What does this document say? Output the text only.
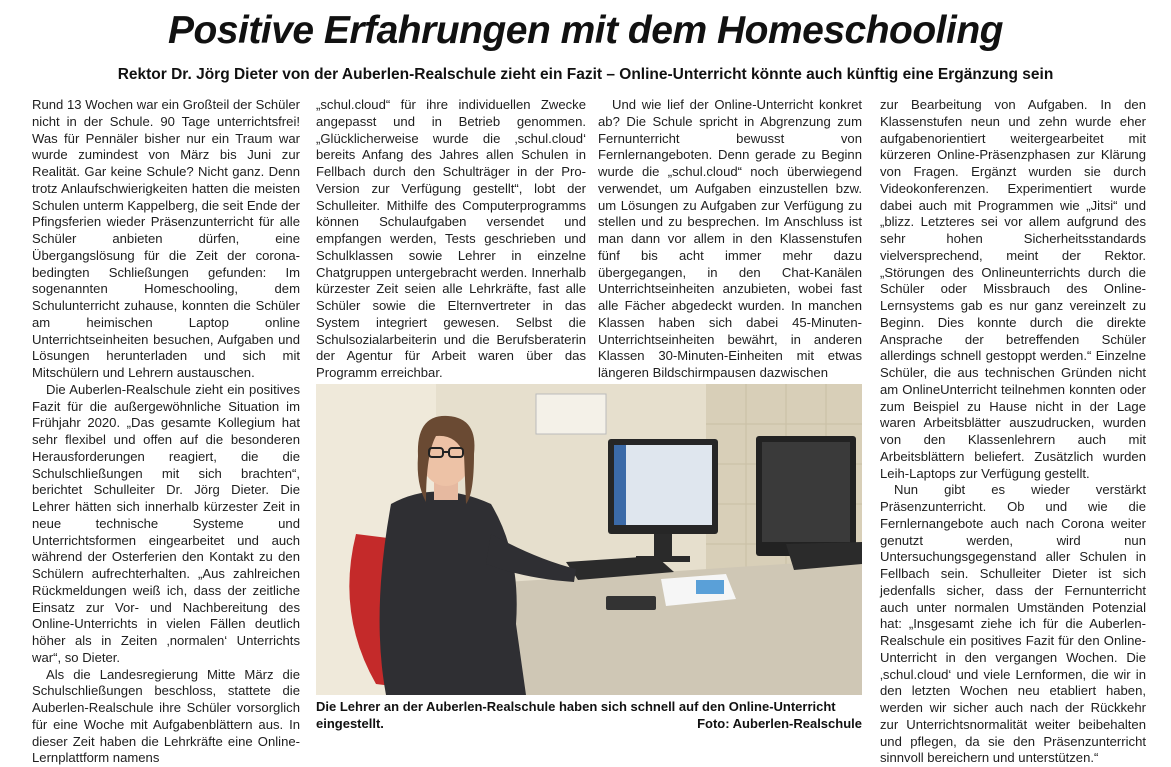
Positive Erfahrungen mit dem Homeschooling
Rektor Dr. Jörg Dieter von der Auberlen-Realschule zieht ein Fazit – Online-Unterricht könnte auch künftig eine Ergänzung sein

Rund 13 Wochen war ein Großteil der Schüler nicht in der Schule. 90 Tage unterrichtsfrei! Was für Pennäler bisher nur ein Traum war wurde zumindest von März bis Juni zur Realität. Gar keine Schule? Nicht ganz. Denn trotz Anlaufschwierigkeiten hatten die meisten Schulen unterm Kappelberg, die seit Ende der Pfingsferien wieder Präsenzunterricht für alle Schüler anbieten dürfen, eine Übergangslösung für die Zeit der corona-bedingten Schließungen gefunden: Im sogenannten Homeschooling, dem Schulunterricht zuhause, konnten die Schüler am heimischen Laptop online Unterrichtseinheiten besuchen, Aufgaben und Lösungen herunterladen und sich mit Mitschülern und Lehrern austauschen.

Die Auberlen-Realschule zieht ein positives Fazit für die außergewöhnliche Situation im Frühjahr 2020. „Das gesamte Kollegium hat sehr flexibel und offen auf die besonderen Herausforderungen reagiert, die die Schulschließungen mit sich brachten“, berichtet Schulleiter Dr. Jörg Dieter. Die Lehrer hätten sich innerhalb kürzester Zeit in neue technische Systeme und Unterrichtsformen eingearbeitet und auch während der Osterferien den Kontakt zu den Schülern aufrechterhalten. „Aus zahlreichen Rückmeldungen weiß ich, dass der zeitliche Einsatz zur Vor- und Nachbereitung des Online-Unterrichts in vielen Fällen deutlich höher als in Zeiten ‚normalen‘ Unterrichts war“, so Dieter.

Als die Landesregierung Mitte März die Schulschließungen beschloss, stattete die Auberlen-Realschule ihre Schüler vorsorglich für eine Woche mit Aufgabenblättern aus. In dieser Zeit haben die Lehrkräfte eine Online-Lernplattform namens

„schul.cloud“ für ihre individuellen Zwecke angepasst und in Betrieb genommen. „Glücklicherweise wurde die ‚schul.cloud‘ bereits Anfang des Jahres allen Schulen in Fellbach durch den Schulträger in der Pro-Version zur Verfügung gestellt“, lobt der Schulleiter. Mithilfe des Computerprogramms können Schulaufgaben versendet und empfangen werden, Tests geschrieben und Schulklassen sowie Lehrer in einzelne Chatgruppen untergebracht werden. Innerhalb kürzester Zeit seien alle Lehrkräfte, fast alle Schüler sowie die Elternvertreter in das System integriert gewesen. Selbst die Schulsozialarbeiterin und die Berufsberaterin der Agentur für Arbeit waren über das Programm erreichbar.

Und wie lief der Online-Unterricht konkret ab? Die Schule spricht in Abgrenzung zum Fernunterricht bewusst von Fernlernangeboten. Denn gerade zu Beginn wurde die „schul.cloud“ noch überwiegend verwendet, um Aufgaben einzustellen bzw. um Lösungen zu Aufgaben zur Verfügung zu stellen und zu besprechen. Im Anschluss ist man dann vor allem in den Klassenstufen fünf bis acht immer mehr dazu übergegangen, in den Chat-Kanälen Unterrichtseinheiten anzubieten, wobei fast alle Fächer abgedeckt wurden. In manchen Klassen haben sich dabei 45-Minuten-Unterrichtseinheiten bewährt, in anderen Klassen 30-Minuten-Einheiten mit etwas längeren Bildschirmpausen dazwischen

zur Bearbeitung von Aufgaben. In den Klassenstufen neun und zehn wurde eher aufgabenorientiert weitergearbeitet mit kürzeren Online-Präsenzphasen zur Klärung von Fragen. Ergänzt wurden sie durch Videokonferenzen. Experimentiert wurde dabei auch mit Programmen wie „Jitsi“ und „blizz. Letzteres sei vor allem aufgrund des sehr hohen Sicherheitsstandards vielversprechend, meint der Rektor. „Störungen des Onlineunterrichts durch die Schüler oder Missbrauch des Online-Lernsystems gab es nur ganz vereinzelt zu Beginn. Dies konnte durch die direkte Ansprache der betreffenden Schüler allerdings schnell gestoppt werden.“ Einzelne Schüler, die aus technischen Gründen nicht am OnlineUnterricht teilnehmen konnten oder zum Beispiel zu Hause nicht in der Lage waren Arbeitsblätter auszudrucken, wurden von den Klassenlehrern auch mit Arbeitsblättern beliefert. Zusätzlich wurden Leih-Laptops zur Verfügung gestellt.

Nun gibt es wieder verstärkt Präsenzunterricht. Ob und wie die Fernlernangebote auch nach Corona weiter genutzt werden, wird nun Untersuchungsgegenstand aller Schulen in Fellbach sein. Schulleiter Dieter ist sich jedenfalls sicher, dass der Fernunterricht auch unter normalen Umständen Potenzial hat: „Insgesamt ziehe ich für die Auberlen-Realschule ein positives Fazit für den Online-Unterricht in den vergangen Wochen. Die ‚schul.cloud‘ und viele Lernformen, die wir in den letzten Wochen neu etabliert haben, werden wir sicher auch nach der Rückkehr zur Unterrichtsnormalität weiter beibehalten und pflegen, da sie den Präsenzunterricht sinnvoll bereichern und unterstützen.“

Die Lehrer an der Auberlen-Realschule haben sich schnell auf den Online-Unterricht eingestellt.	Foto: Auberlen-Realschule
